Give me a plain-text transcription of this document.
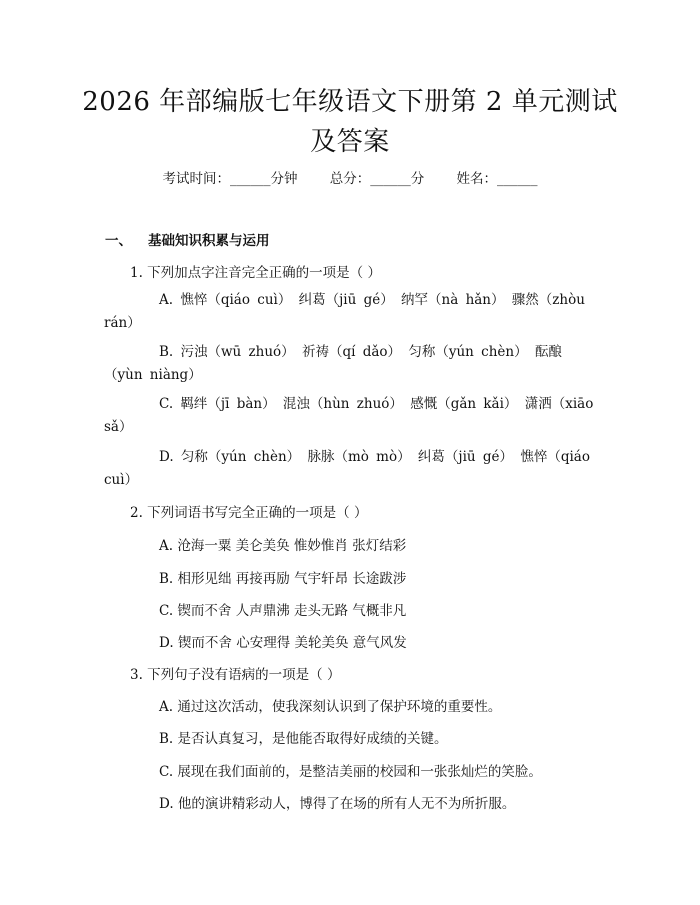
2026 年部编版七年级语文下册第 2 单元测试
及答案
考试时间：______分钟 总分：______分 姓名：______
一、 基础知识积累与运用
1. 下列加点字注音完全正确的一项是（ ）
A. 憔悴（qiáo cuì） 纠葛（jiū gé） 纳罕（nà hǎn） 骤然（zhòu rán）
B. 污浊（wū zhuó） 祈祷（qí dǎo） 匀称（yún chèn） 酝酿（yùn niàng）
C. 羁绊（jī bàn） 混浊（hùn zhuó） 感慨（gǎn kǎi） 潇洒（xiāo sǎ）
D. 匀称（yún chèn） 脉脉（mò mò） 纠葛（jiū gé） 憔悴（qiáo cuì）
2. 下列词语书写完全正确的一项是（ ）
A. 沧海一粟 美仑美奂 惟妙惟肖 张灯结彩
B. 相形见绌 再接再励 气宇轩昂 长途跋涉
C. 锲而不舍 人声鼎沸 走头无路 气概非凡
D. 锲而不舍 心安理得 美轮美奂 意气风发
3. 下列句子没有语病的一项是（ ）
A. 通过这次活动，使我深刻认识到了保护环境的重要性。
B. 是否认真复习，是他能否取得好成绩的关键。
C. 展现在我们面前的，是整洁美丽的校园和一张张灿烂的笑脸。
D. 他的演讲精彩动人，博得了在场的所有人无不为所折服。
